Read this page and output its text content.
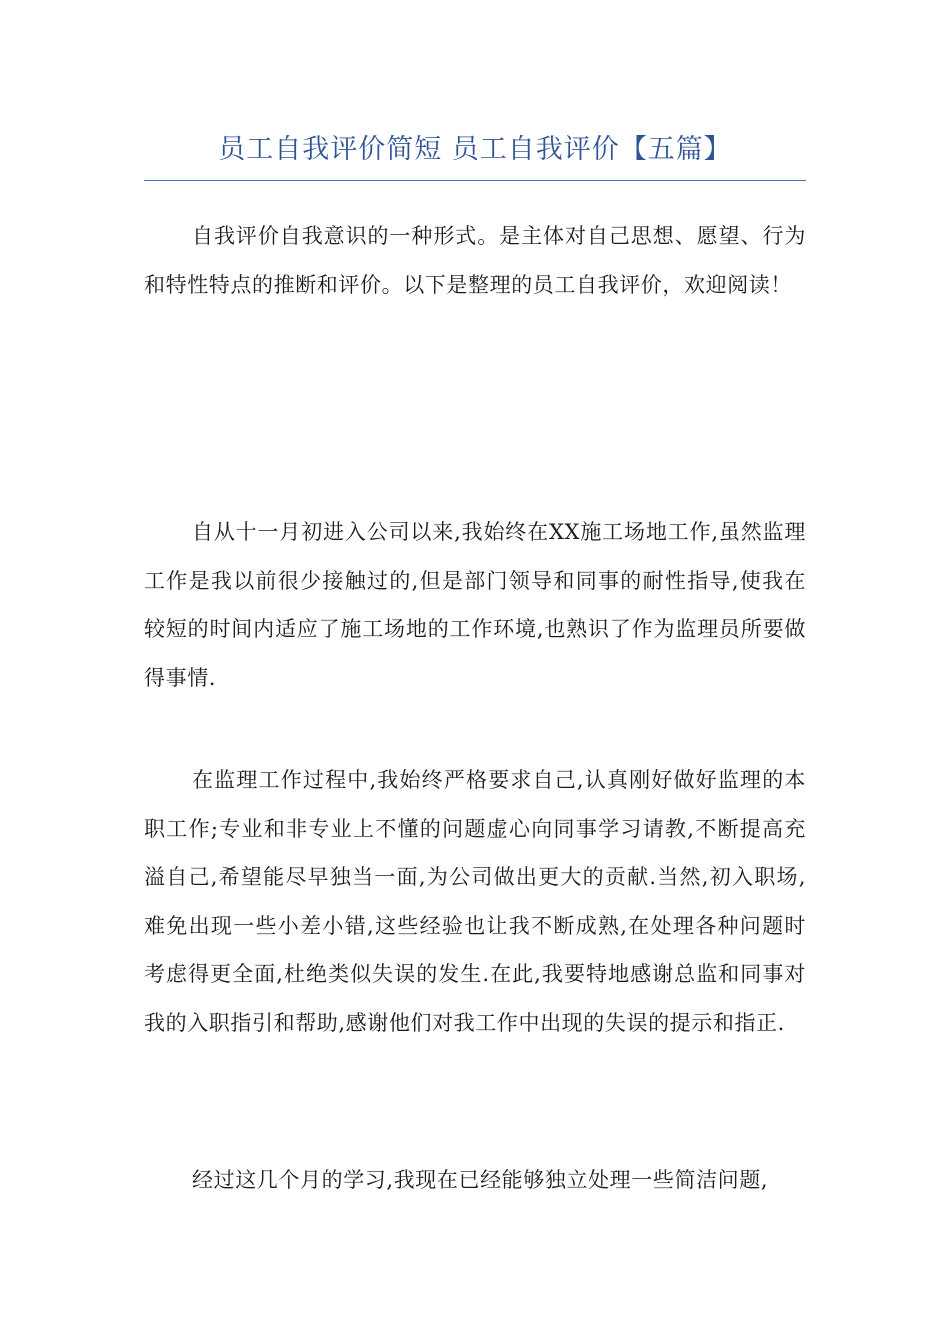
员工自我评价简短 员工自我评价【五篇】

自我评价自我意识的一种形式。是主体对自己思想、愿望、行为和特性特点的推断和评价。以下是整理的员工自我评价，欢迎阅读！

自从十一月初进入公司以来,我始终在XX施工场地工作,虽然监理工作是我以前很少接触过的,但是部门领导和同事的耐性指导,使我在较短的时间内适应了施工场地的工作环境,也熟识了作为监理员所要做得事情.

在监理工作过程中,我始终严格要求自己,认真刚好做好监理的本职工作;专业和非专业上不懂的问题虚心向同事学习请教,不断提高充溢自己,希望能尽早独当一面,为公司做出更大的贡献.当然,初入职场,难免出现一些小差小错,这些经验也让我不断成熟,在处理各种问题时考虑得更全面,杜绝类似失误的发生.在此,我要特地感谢总监和同事对我的入职指引和帮助,感谢他们对我工作中出现的失误的提示和指正.

经过这几个月的学习,我现在已经能够独立处理一些简洁问题,
